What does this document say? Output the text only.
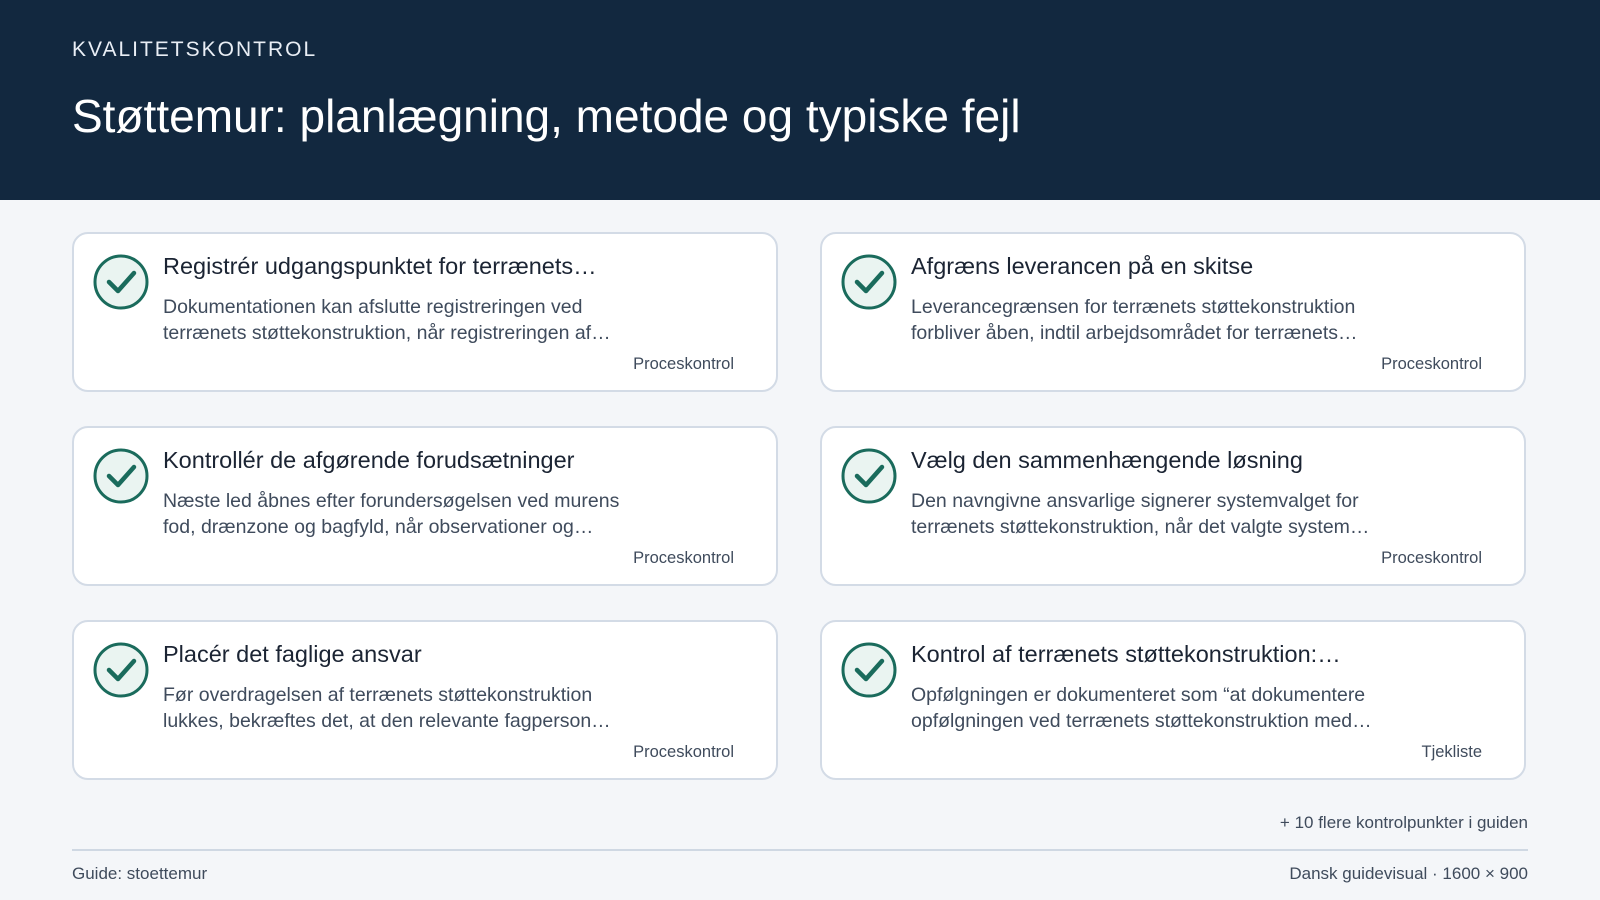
KVALITETSKONTROL
Støttemur: planlægning, metode og typiske fejl
Registrér udgangspunktet for terrænets…
Dokumentationen kan afslutte registreringen ved
terrænets støttekonstruktion, når registreringen af…
Proceskontrol
Afgræns leverancen på en skitse
Leverancegrænsen for terrænets støttekonstruktion
forbliver åben, indtil arbejdsområdet for terrænets…
Proceskontrol
Kontrollér de afgørende forudsætninger
Næste led åbnes efter forundersøgelsen ved murens
fod, drænzone og bagfyld, når observationer og…
Proceskontrol
Vælg den sammenhængende løsning
Den navngivne ansvarlige signerer systemvalget for
terrænets støttekonstruktion, når det valgte system…
Proceskontrol
Placér det faglige ansvar
Før overdragelsen af terrænets støttekonstruktion
lukkes, bekræftes det, at den relevante fagperson…
Proceskontrol
Kontrol af terrænets støttekonstruktion:…
Opfølgningen er dokumenteret som “at dokumentere
opfølgningen ved terrænets støttekonstruktion med…
Tjekliste
+ 10 flere kontrolpunkter i guiden
Guide: stoettemur	Dansk guidevisual · 1600 × 900
